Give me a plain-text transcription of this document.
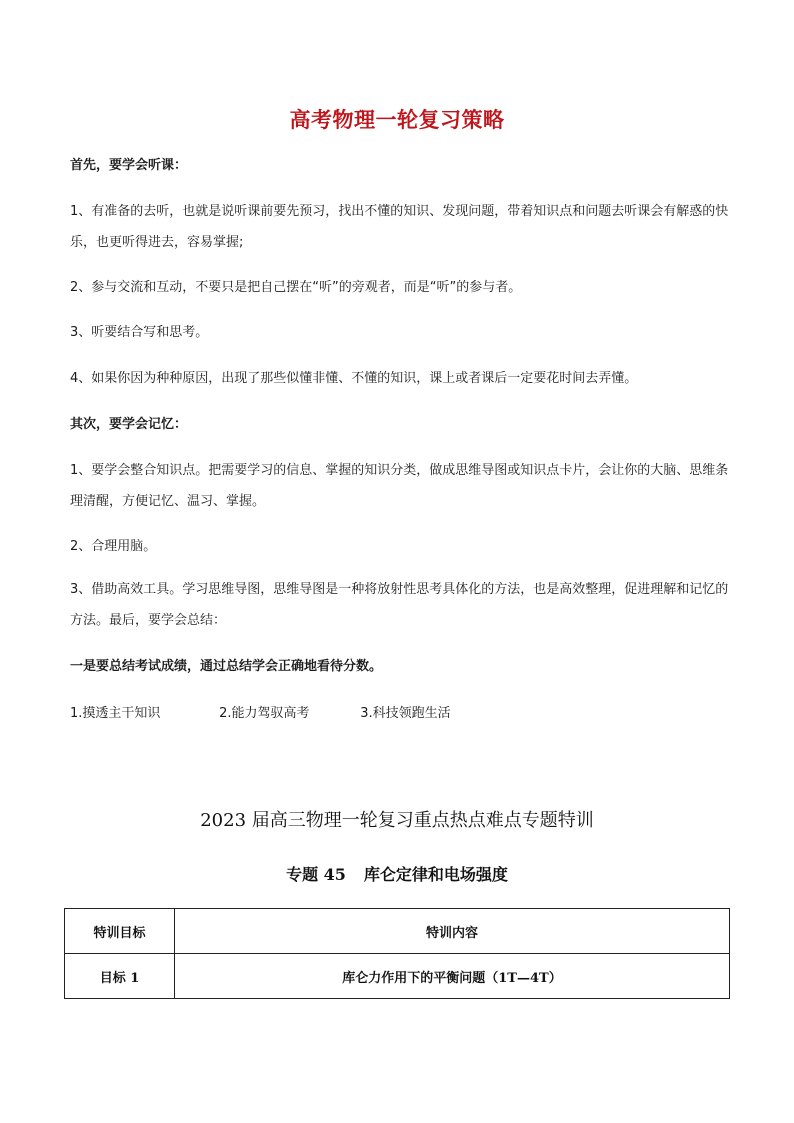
高考物理一轮复习策略
首先，要学会听课：
1、有准备的去听，也就是说听课前要先预习，找出不懂的知识、发现问题，带着知识点和问题去听课会有解惑的快乐，也更听得进去，容易掌握;
2、参与交流和互动，不要只是把自己摆在“听”的旁观者，而是“听”的参与者。
3、听要结合写和思考。
4、如果你因为种种原因，出现了那些似懂非懂、不懂的知识，课上或者课后一定要花时间去弄懂。
其次，要学会记忆：
1、要学会整合知识点。把需要学习的信息、掌握的知识分类，做成思维导图或知识点卡片，会让你的大脑、思维条理清醒，方便记忆、温习、掌握。
2、合理用脑。
3、借助高效工具。学习思维导图，思维导图是一种将放射性思考具体化的方法，也是高效整理，促进理解和记忆的方法。最后，要学会总结：
一是要总结考试成绩，通过总结学会正确地看待分数。
1.摸透主干知识	2.能力驾驭高考	3.科技领跑生活
2023 届高三物理一轮复习重点热点难点专题特训
专题 45 库仑定律和电场强度
特训目标	特训内容
目标 1	库仑力作用下的平衡问题（1T—4T）
